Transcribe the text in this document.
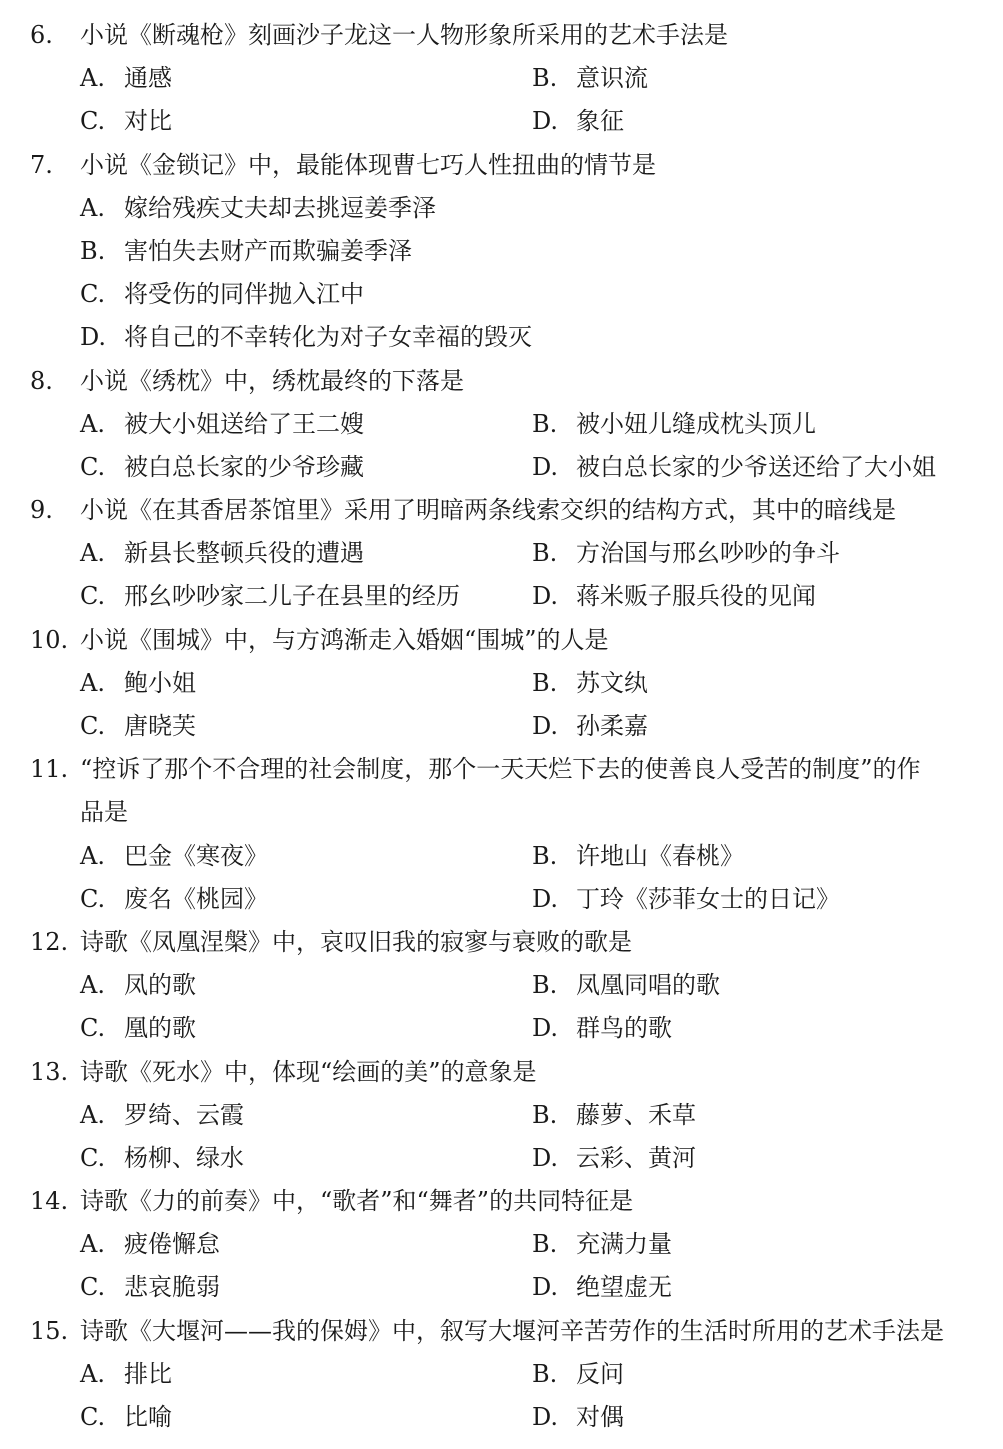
6.	小说《断魂枪》刻画沙子龙这一人物形象所采用的艺术手法是
A. 通感	B. 意识流
C. 对比	D. 象征
7.	小说《金锁记》中，最能体现曹七巧人性扭曲的情节是
A. 嫁给残疾丈夫却去挑逗姜季泽
B. 害怕失去财产而欺骗姜季泽
C. 将受伤的同伴抛入江中
D. 将自己的不幸转化为对子女幸福的毁灭
8.	小说《绣枕》中，绣枕最终的下落是
A. 被大小姐送给了王二嫂	B. 被小妞儿缝成枕头顶儿
C. 被白总长家的少爷珍藏	D. 被白总长家的少爷送还给了大小姐
9.	小说《在其香居茶馆里》采用了明暗两条线索交织的结构方式，其中的暗线是
A. 新县长整顿兵役的遭遇	B. 方治国与邢幺吵吵的争斗
C. 邢幺吵吵家二儿子在县里的经历	D. 蒋米贩子服兵役的见闻
10. 小说《围城》中，与方鸿渐走入婚姻“围城”的人是
A. 鲍小姐	B. 苏文纨
C. 唐晓芙	D. 孙柔嘉
11. “控诉了那个不合理的社会制度，那个一天天烂下去的使善良人受苦的制度”的作
品是
A. 巴金《寒夜》	B. 许地山《春桃》
C. 废名《桃园》	D. 丁玲《莎菲女士的日记》
12. 诗歌《凤凰涅槃》中，哀叹旧我的寂寥与衰败的歌是
A. 凤的歌	B. 凤凰同唱的歌
C. 凰的歌	D. 群鸟的歌
13. 诗歌《死水》中，体现“绘画的美”的意象是
A. 罗绮、云霞	B. 藤萝、禾草
C. 杨柳、绿水	D. 云彩、黄河
14. 诗歌《力的前奏》中，“歌者”和“舞者”的共同特征是
A. 疲倦懈怠	B. 充满力量
C. 悲哀脆弱	D. 绝望虚无
15. 诗歌《大堰河——我的保姆》中，叙写大堰河辛苦劳作的生活时所用的艺术手法是
A. 排比	B. 反问
C. 比喻	D. 对偶
